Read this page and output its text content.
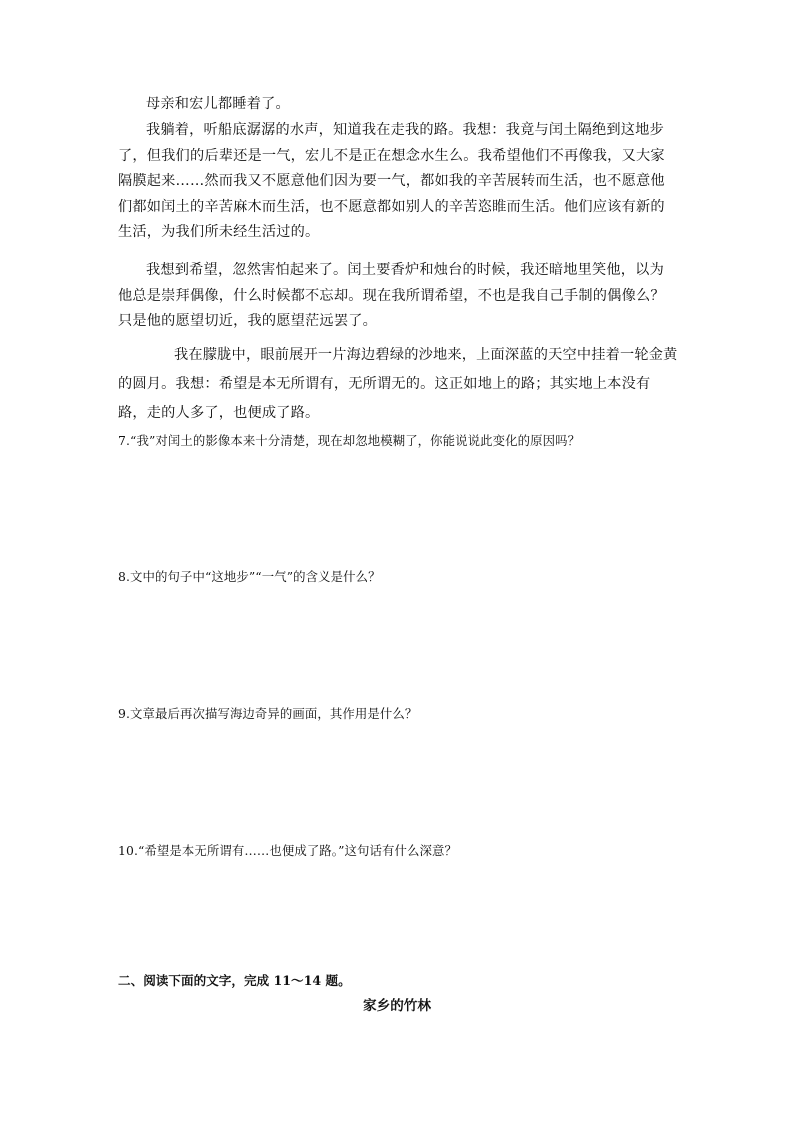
母亲和宏儿都睡着了。

我躺着，听船底潺潺的水声，知道我在走我的路。我想：我竟与闰土隔绝到这地步了，但我们的后辈还是一气，宏儿不是正在想念水生么。我希望他们不再像我，又大家隔膜起来……然而我又不愿意他们因为要一气，都如我的辛苦展转而生活，也不愿意他们都如闰土的辛苦麻木而生活，也不愿意都如别人的辛苦恣睢而生活。他们应该有新的生活，为我们所未经生活过的。

我想到希望，忽然害怕起来了。闰土要香炉和烛台的时候，我还暗地里笑他，以为他总是崇拜偶像，什么时候都不忘却。现在我所谓希望，不也是我自己手制的偶像么？只是他的愿望切近，我的愿望茫远罢了。

我在朦胧中，眼前展开一片海边碧绿的沙地来，上面深蓝的天空中挂着一轮金黄的圆月。我想：希望是本无所谓有，无所谓无的。这正如地上的路；其实地上本没有路，走的人多了，也便成了路。

7.“我”对闰土的影像本来十分清楚，现在却忽地模糊了，你能说说此变化的原因吗？

8.文中的句子中“这地步”“一气”的含义是什么？

9.文章最后再次描写海边奇异的画面，其作用是什么？

10.“希望是本无所谓有……也便成了路。”这句话有什么深意？

二、阅读下面的文字，完成 11～14 题。

家乡的竹林
